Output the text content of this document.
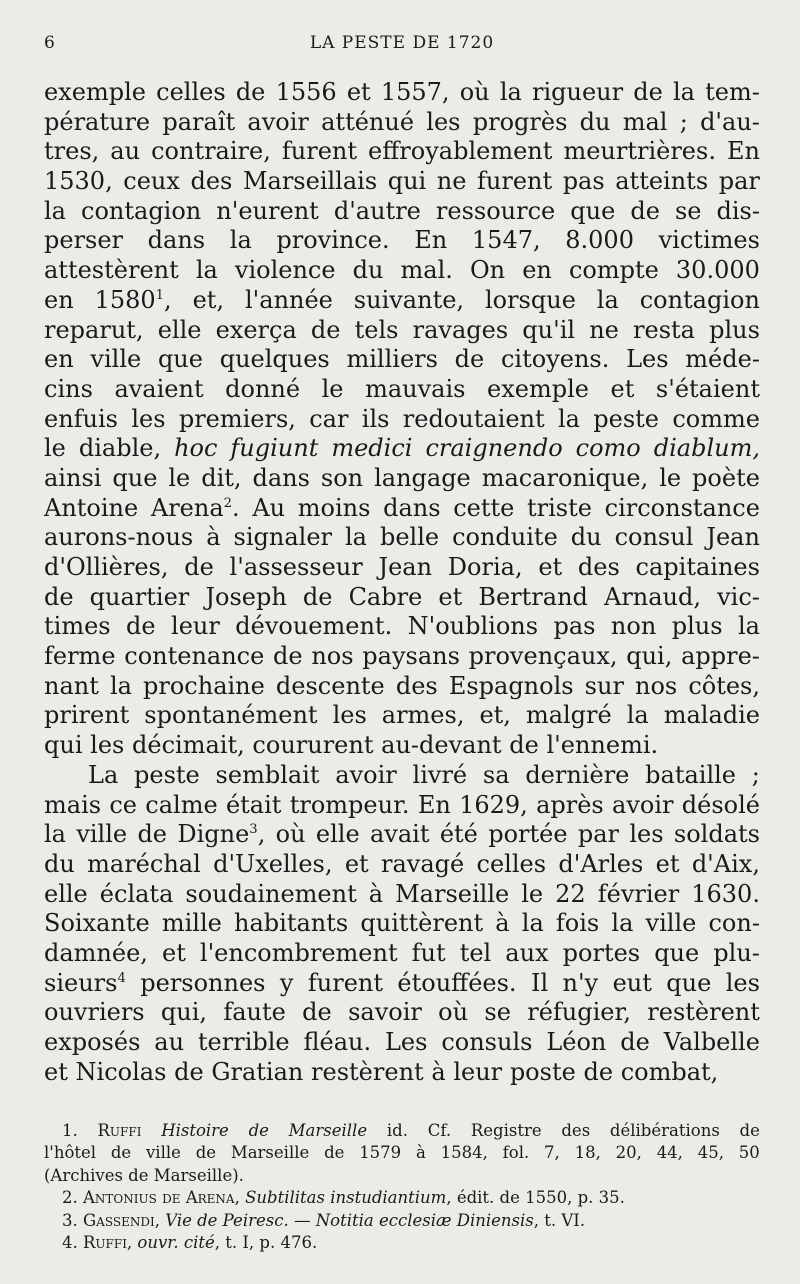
6	LA PESTE DE 1720
exemple celles de 1556 et 1557, où la rigueur de la tem-
pérature paraît avoir atténué les progrès du mal ; d'au-
tres, au contraire, furent effroyablement meurtrières. En
1530, ceux des Marseillais qui ne furent pas atteints par
la contagion n'eurent d'autre ressource que de se dis-
perser dans la province. En 1547, 8.000 victimes
attestèrent la violence du mal. On en compte 30.000
en 1580$^1$, et, l'année suivante, lorsque la contagion
reparut, elle exerça de tels ravages qu'il ne resta plus
en ville que quelques milliers de citoyens. Les méde-
cins avaient donné le mauvais exemple et s'étaient
enfuis les premiers, car ils redoutaient la peste comme
le diable, hoc fugiunt medici craignendo como diablum,
ainsi que le dit, dans son langage macaronique, le poète
Antoine Arena$^2$. Au moins dans cette triste circonstance
aurons-nous à signaler la belle conduite du consul Jean
d'Ollières, de l'assesseur Jean Doria, et des capitaines
de quartier Joseph de Cabre et Bertrand Arnaud, vic-
times de leur dévouement. N'oublions pas non plus la
ferme contenance de nos paysans provençaux, qui, appre-
nant la prochaine descente des Espagnols sur nos côtes,
prirent spontanément les armes, et, malgré la maladie
qui les décimait, coururent au-devant de l'ennemi.
La peste semblait avoir livré sa dernière bataille ;
mais ce calme était trompeur. En 1629, après avoir désolé
la ville de Digne$^3$, où elle avait été portée par les soldats
du maréchal d'Uxelles, et ravagé celles d'Arles et d'Aix,
elle éclata soudainement à Marseille le 22 février 1630.
Soixante mille habitants quittèrent à la fois la ville con-
damnée, et l'encombrement fut tel aux portes que plu-
sieurs$^4$ personnes y furent étouffées. Il n'y eut que les
ouvriers qui, faute de savoir où se réfugier, restèrent
exposés au terrible fléau. Les consuls Léon de Valbelle
et Nicolas de Gratian restèrent à leur poste de combat,
1. Ruffi Histoire de Marseille id. Cf. Registre des délibérations de
l'hôtel de ville de Marseille de 1579 à 1584, fol. 7, 18, 20, 44, 45, 50
(Archives de Marseille).
2. Antonius de Arena, Subtilitas instudiantium, édit. de 1550, p. 35.
3. Gassendi, Vie de Peiresc. — Notitia ecclesiæ Diniensis, t. VI.
4. Ruffi, ouvr. cité, t. I, p. 476.
